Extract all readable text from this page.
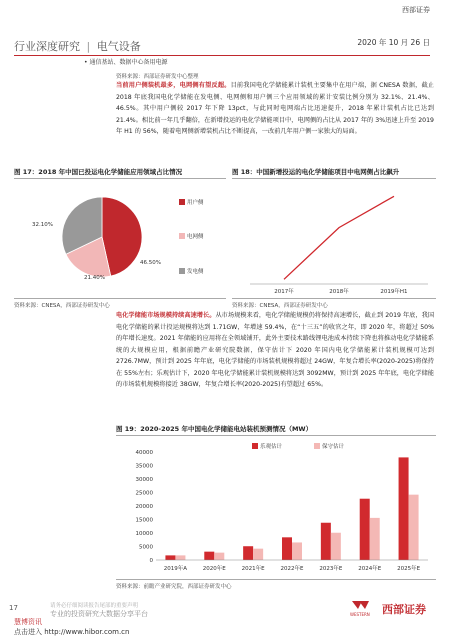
西部证券
2020 年 10 月 26 日
行业深度研究 | 电气设备
• 通信基站、数据中心备用电源
资料来源：西部证券研发中心整理

当前用户侧装机最多，电网侧有望反超。目前我国电化学储能累计装机主要集中在用户端，据 CNESA 数据，截止 2018 年底我国电化学储能在发电侧、电网侧和用户侧三个应用领域的累计安装比例分别为 32.1%、21.4%、46.5%。其中用户侧较 2017 年下降 13pct，与此同时电网端占比迅速提升，2018 年累计装机占比已达到 21.4%。相比前一年几乎翻倍，在新增投运的电化学储能项目中，电网侧的占比从 2017 年的 3%迅速上升至 2019 年 H1 的 56%，随着电网侧新增装机占比不断提高，一改前几年用户侧一家独大的局面。

图 17：2018 年中国已投运电化学储能应用领域占比情况
46.50%
21.40%
32.10%
用户侧
电网侧
发电侧
资料来源：CNESA，西部证券研发中心
图 18：中国新增投运的电化学储能项目中电网侧占比飙升
2017年	2018年	2019年H1
资料来源：CNESA，西部证券研发中心

电化学储能市场规模持续高速增长。从市场规模来看，电化学储能规模仍将保持高速增长，截止到 2019 年底，我国电化学储能的累计投运规模将达到 1.71GW，年增速 59.4%，在“十三五”的收官之年，即 2020 年，将超过 50%的年增长速度。2021 年储能的应用将在全领域铺开，此外主要技术路线锂电池成本持续下降也将推动电化学储能系统的大规模应用，根据前瞻产业研究院数据，保守估计下 2020 年国内电化学储能累计装机规模可达到 2726.7MW，预计到 2025 年年底，电化学储能的市场装机规模将超过 24GW，年复合增长率(2020-2025)将保持在 55%左右；乐观估计下，2020 年电化学储能累计装机规模将达到 3092MW，预计到 2025 年年底，电化学储能的市场装机规模将接近 38GW，年复合增长率(2020-2025)有望超过 65%。

图 19：2020-2025 年中国电化学储能电站装机预测情况（MW）
0
5000
10000
15000
20000
25000
30000
35000
40000
2019年A	2020年E	2021年E	2022年E	2023年E	2024年E	2025年E
乐观估计	保守估计
资料来源：前瞻产业研究院，西部证券研发中心
17	请务必仔细阅读报告尾部的重要声明
专业的投资研究大数据分享平台
慧博资讯
点击进入 http://www.hibor.com.cn
WESTERN 西部证券
